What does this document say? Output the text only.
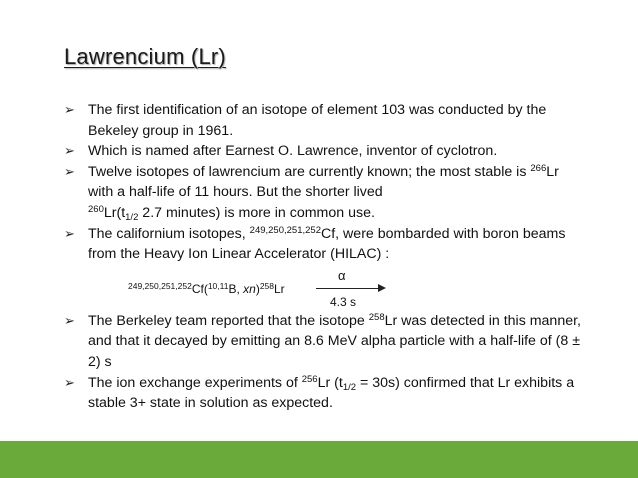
Lawrencium (Lr)
➢ The first identification of an isotope of element 103 was conducted by the Bekeley group in 1961.
➢ Which is named after Earnest O. Lawrence, inventor of cyclotron.
➢ Twelve isotopes of lawrencium are currently known; the most stable is $^{266}$Lr with a half-life of 11 hours. But the shorter lived
$^{260}Lr(t_{1/2}$ 2.7 minutes) is more in common use.
➢ The californium isotopes, $^{249,250,251,252}$Cf, were bombarded with boron beams from the Heavy Ion Linear Accelerator (HILAC) :
$^{249,250,251,252}$Cf($^{10,11}$B, xn)$^{258}$Lr
α
4.3 s
➢ The Berkeley team reported that the isotope $^{258}$Lr was detected in this manner, and that it decayed by emitting an 8.6 MeV alpha particle with a half-life of (8 ± 2) s
➢ The ion exchange experiments of $^{256}$Lr $(t_{1/2} = 30s)$ confirmed that Lr exhibits a stable 3+ state in solution as expected.
